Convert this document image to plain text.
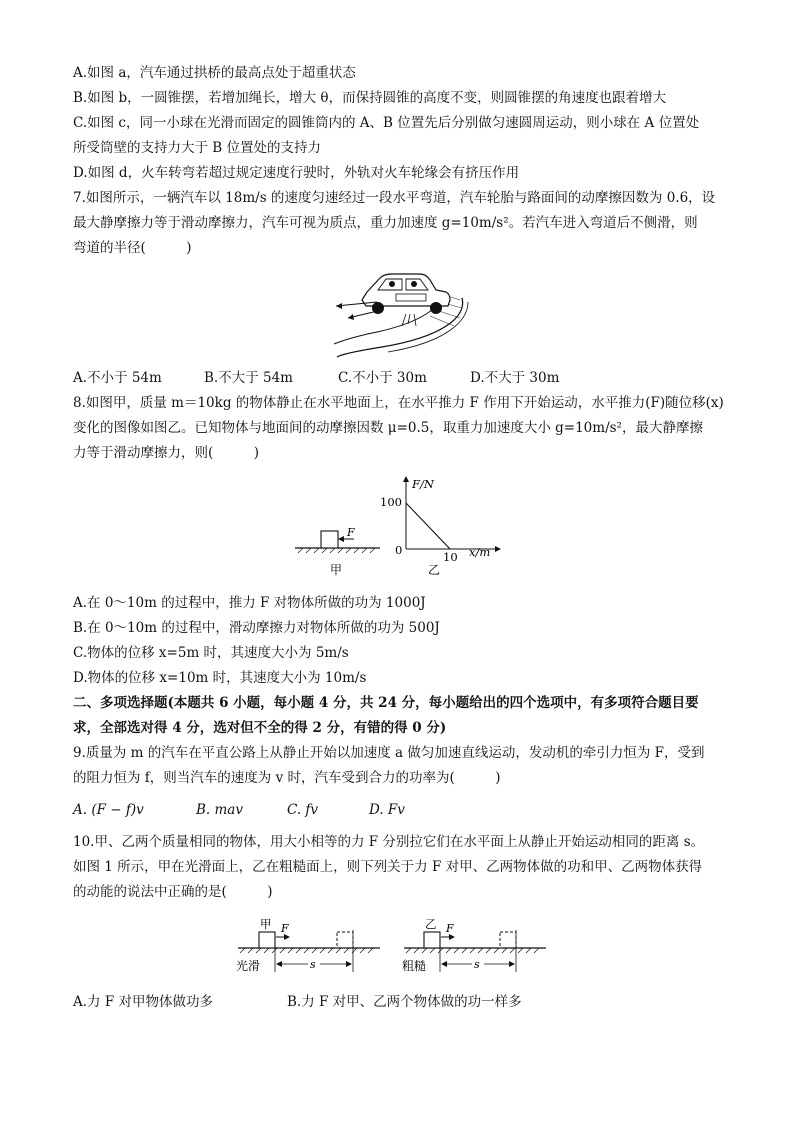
A.如图 a，汽车通过拱桥的最高点处于超重状态
B.如图 b，一圆锥摆，若增加绳长，增大 θ，而保持圆锥的高度不变，则圆锥摆的角速度也跟着增大
C.如图 c，同一小球在光滑而固定的圆锥筒内的 A、B 位置先后分别做匀速圆周运动，则小球在 A 位置处
所受筒壁的支持力大于 B 位置处的支持力
D.如图 d，火车转弯若超过规定速度行驶时，外轨对火车轮缘会有挤压作用
7.如图所示，一辆汽车以 18m/s 的速度匀速经过一段水平弯道，汽车轮胎与路面间的动摩擦因数为 0.6，设
最大静摩擦力等于滑动摩擦力，汽车可视为质点，重力加速度 g=10m/s²。若汽车进入弯道后不侧滑，则
弯道的半径(　　　)
A.不小于 54m	B.不大于 54m	C.不小于 30m	D.不大于 30m
8.如图甲，质量 m＝10kg 的物体静止在水平地面上，在水平推力 F 作用下开始运动，水平推力(F)随位移(x)
变化的图像如图乙。已知物体与地面间的动摩擦因数 μ=0.5，取重力加速度大小 g=10m/s²，最大静摩擦
力等于滑动摩擦力，则(　　　)
F
甲
F/N
100
0	10 x/m
乙
A.在 0～10m 的过程中，推力 F 对物体所做的功为 1000J
B.在 0～10m 的过程中，滑动摩擦力对物体所做的功为 500J
C.物体的位移 x=5m 时，其速度大小为 5m/s
D.物体的位移 x=10m 时，其速度大小为 10m/s
二、多项选择题(本题共 6 小题，每小题 4 分，共 24 分，每小题给出的四个选项中，有多项符合题目要
求，全部选对得 4 分，选对但不全的得 2 分，有错的得 0 分)
9.质量为 m 的汽车在平直公路上从静止开始以加速度 a 做匀加速直线运动，发动机的牵引力恒为 F，受到
的阻力恒为 f，则当汽车的速度为 v 时，汽车受到合力的功率为(　　　)
A. (F − f)v	B. mav	C. fv	D. Fv
10.甲、乙两个质量相同的物体，用大小相等的力 F 分别拉它们在水平面上从静止开始运动相同的距离 s。
如图 1 所示，甲在光滑面上，乙在粗糙面上，则下列关于力 F 对甲、乙两物体做的功和甲、乙两物体获得
的动能的说法中正确的是(　　　)
甲 F
s
光滑
乙 F
s
粗糙
A.力 F 对甲物体做功多	B.力 F 对甲、乙两个物体做的功一样多
